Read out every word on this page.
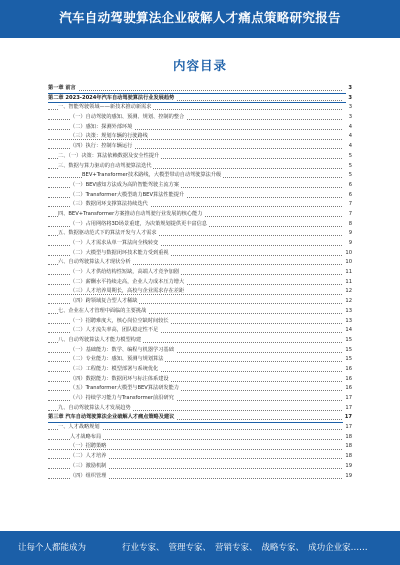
汽车自动驾驶算法企业破解人才痛点策略研究报告
内容目录
第一章 前言	3
第二章 2023-2024年汽车自动驾驶算法行业发展趋势	3
一、智能驾驶领域——新技术推动新需求	3
（一）自动驾驶的感知、预测、规划、控制的整合	3
（二）感知：探测外部环境	4
（三）决策：规划车辆的行驶路线	4
（四）执行：控制车辆运行	4
二、（一）决策：算法依赖数据及安全性提升	5
三、数据与算力驱动的自动驾驶算法迭代	5
BEV+Transformer技术路线，大模型带动自动驾驶算法升级	5
（一）BEV感知方法成为高阶智能驾驶主流方案	6
（二）Transformer大模型助力BEV算法性能提升	6
（三）数据闭环支撑算法持续迭代	7
四、BEV+Transformer方案推动自动驾驶行业发展的核心能力	7
（一）占用网络将3D场景重建，为决策规划提供更丰富信息	8
五、数据驱动范式下的算法开发与人才需求	9
（一）人才需求从单一算法向全栈转变	9
（二）大模型与数据闭环技术能力受到重视	10
六、自动驾驶算法人才现状分析	10
（一）人才供给结构性短缺，高端人才竞争加剧	11
（二）薪酬水平持续走高，企业人力成本压力增大	11
（三）人才培养周期长，高校与企业需求存在差距	12
（四）跨领域复合型人才稀缺	12
七、企业在人才管理中面临的主要挑战	13
（一）招聘难度大，核心岗位空缺时间较长	13
（二）人才流失率高，团队稳定性不足	14
八、自动驾驶算法人才能力模型构建	15
（一）基础能力：数学、编程与机器学习基础	15
（二）专业能力：感知、预测与规划算法	15
（三）工程能力：模型部署与系统优化	16
（四）数据能力：数据闭环与标注体系建设	16
（五）Transformer大模型与BEV算法研发能力	16
（六）持续学习能力与Transformer前沿研究	17
九、自动驾驶算法人才发展趋势	17
第三章 汽车自动驾驶算法企业破解人才痛点策略及建议	17
一、人才战略规划	17
人才战略布局	18
（一）招聘策略	18
（二）人才培养	18
（三）激励机制	19
（四）组织管理	19
让每个人都能成为	行业专家、 管理专家、 营销专家、 战略专家、 成功企业家……
